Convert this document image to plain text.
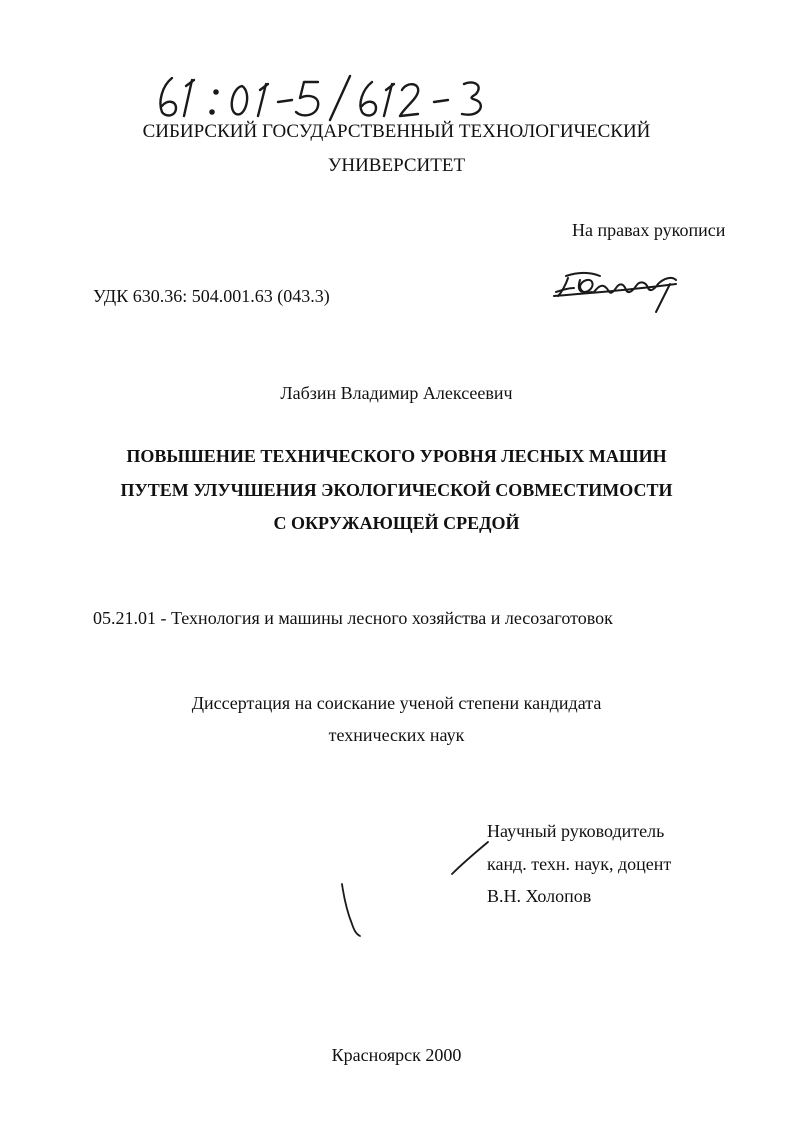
СИБИРСКИЙ ГОСУДАРСТВЕННЫЙ ТЕХНОЛОГИЧЕСКИЙ
УНИВЕРСИТЕТ
На правах рукописи
УДК 630.36: 504.001.63 (043.3)
Лабзин Владимир Алексеевич
ПОВЫШЕНИЕ ТЕХНИЧЕСКОГО УРОВНЯ ЛЕСНЫХ МАШИН
ПУТЕМ УЛУЧШЕНИЯ ЭКОЛОГИЧЕСКОЙ СОВМЕСТИМОСТИ
С ОКРУЖАЮЩЕЙ СРЕДОЙ
05.21.01 - Технология и машины лесного хозяйства и лесозаготовок
Диссертация на соискание ученой степени кандидата
технических наук
Научный руководитель
канд. техн. наук, доцент
В.Н. Холопов
Красноярск 2000
